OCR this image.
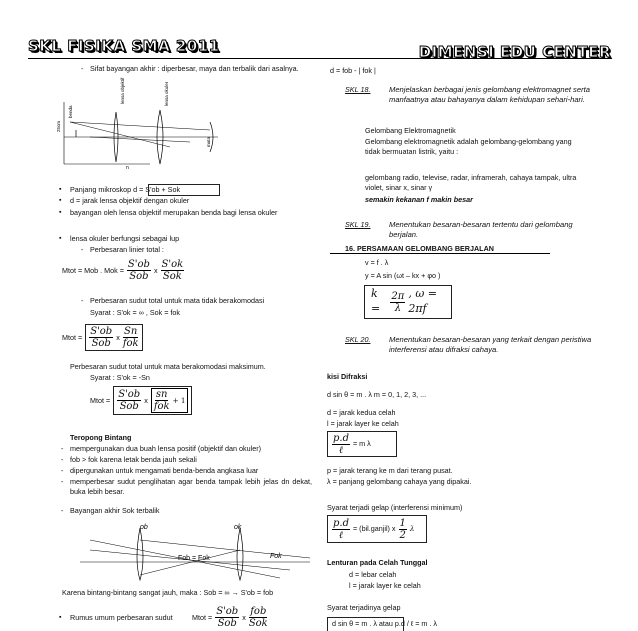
SKL FISIKA SMA 2011	DIMENSI EDU CENTER
- Sifat bayangan akhir : diperbesar, maya dan terbalik dari asalnya.
lensa objektif	lensa okuler
benda
mata
n
25cm
▪ Panjang mikroskop d = S'ob + Sok
▪ d = jarak lensa objektif dengan okuler
▪ bayangan oleh lensa objektif merupakan benda bagi lensa okuler
▪ lensa okuler berfungsi sebagai lup
- Perbesaran linier total :
Mtot = Mob . Mok = $\frac{S'ob}{\text{Sob}}$ x $\frac{S'ok}{\text{Sok}}$
- Perbesaran sudut total untuk mata tidak berakomodasi
Syarat : S'ok = ∞ , Sok = fok
Mtot = $\frac{S'ob}{\text{Sob}}$ x $\frac{Sn}{\text{fok}}$
Perbesaran sudut total untuk mata berakomodasi maksimum.
Syarat : S'ok = -Sn
Mtot = $\frac{S'ob}{\text{Sob}}$ x $\frac{sn}{\text{fok}} + 1$
Teropong Bintang
- mempergunakan dua buah lensa positif (objektif dan okuler)
- fob > fok karena letak benda jauh sekali
- dipergunakan untuk mengamati benda-benda angkasa luar
- memperbesar sudut penglihatan agar benda tampak lebih jelas dn dekat, buka lebih besar.
- Bayangan akhir Sok terbalik
ob	ok
Fob = Fok	Fok
Karena bintang-bintang sangat jauh, maka : Sob = ∞ → S'ob = fob
▪ Rumus umum perbesaran sudut	Mtot = $\frac{S'ob}{\text{Sob}}$ x $\frac{\text{fob}}{\text{Sok}}$
d = fob - | fok |
SKL 18. Menjelaskan berbagai jenis gelombang elektromagnet serta manfaatnya atau bahayanya dalam kehidupan sehari-hari.
Gelombang Elektromagnetik
Gelombang elektromagnetik adalah gelombang-gelombang yang tidak bermuatan listrik, yaitu :
gelombang radio, televise, radar, inframerah, cahaya tampak, ultra violet, sinar x, sinar γ
semakin kekanan f makin besar
SKL 19. Menentukan besaran-besaran tertentu dari gelombang berjalan.
16. PERSAMAAN GELOMBANG BERJALAN
v = f . λ
y = A sin (ωt – kx + φo )
k =	$\frac{2\pi}{\lambda}$ , ω = 2πf
SKL 20. Menentukan besaran-besaran yang terkait dengan peristiwa interferensi atau difraksi cahaya.
kisi Difraksi
d sin θ = m . λ m = 0, 1, 2, 3, ...
d = jarak kedua celah
l = jarak layer ke celah
$\frac{p.d}{\text{ℓ}} = m$ λ
p = jarak terang ke m dari terang pusat.
λ = panjang gelombang cahaya yang dipakai.
Syarat terjadi gelap (interferensi minimum)
$\frac{p.d}{\text{ℓ}}$ = (bil.ganjil) x $\frac{1}{2}$ λ
Lenturan pada Celah Tunggal
d = lebar celah
l = jarak layer ke celah
Syarat terjadinya gelap
d sin θ = m . λ atau p.d / ℓ = m . λ
